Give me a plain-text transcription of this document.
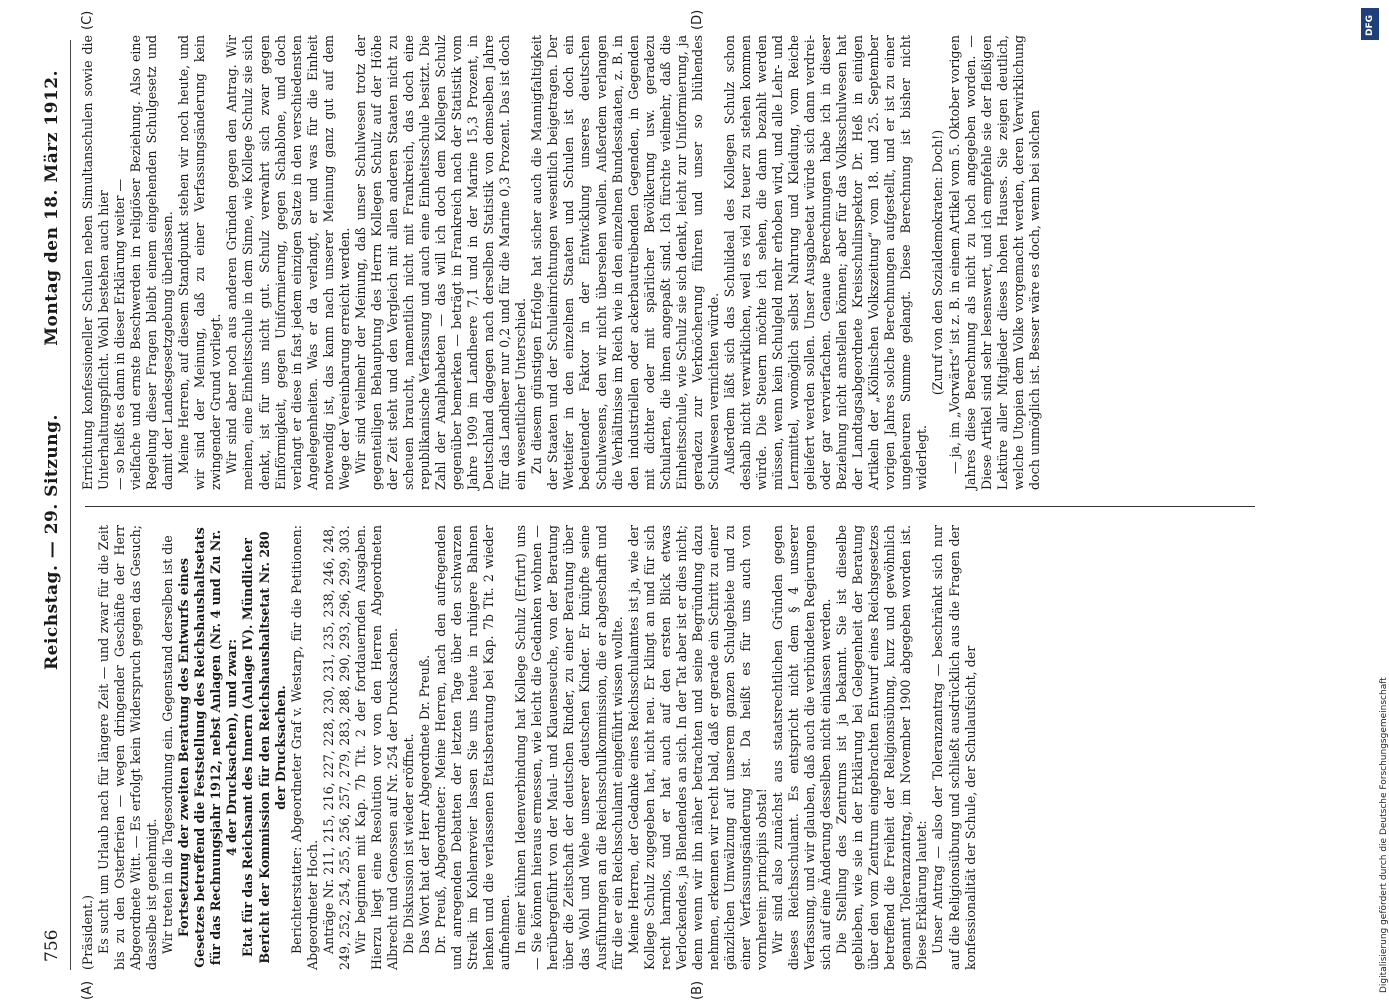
756
Reichstag. — 29. Sitzung.
Montag den 18. März 1912.
(A)	(B)
(C)	(D)

(Präsident.) Es sucht um Urlaub nach für längere Zeit — und zwar für die Zeit bis zu den Osterferien — wegen dringender Geschäfte der Herr Abgeordnete Witt. — Es erfolgt kein Widerspruch gegen das Gesuch; dasselbe ist genehmigt. Wir treten in die Tagesordnung ein. Gegenstand derselben ist die Fortsetzung der zweiten Beratung des Entwurfs eines Gesetzes betreffend die Feststellung des Reichshaushaltsetats für das Rechnungsjahr 1912, nebst Anlagen (Nr. 4 und Zu Nr. 4 der Drucksachen), und zwar: Etat für das Reichsamt des Innern (Anlage IV). Mündlicher Bericht der Kommission für den Reichshaushaltsetat Nr. 280 der Drucksachen. Berichterstatter: Abgeordneter Graf v. Westarp, für die Petitionen: Abgeordneter Hoch. Anträge Nr. 211, 215, 216, 227, 228, 230, 231, 235, 238, 246, 248, 249, 252, 254, 255, 256, 257, 279, 283, 288, 290, 293, 296, 299, 303. Wir beginnen mit Kap. 7b Tit. 2 der fortdauernden Ausgaben. Hierzu liegt eine Resolution vor von den Herren Abgeordneten Albrecht und Genossen auf Nr. 254 der Drucksachen. Die Diskussion ist wieder eröffnet. Das Wort hat der Herr Abgeordnete Dr. Preuß. Dr. Preuß, Abgeordneter: Meine Herren, nach den aufregenden und anregenden Debatten der letzten Tage über den schwarzen Streik im Kohlenrevier lassen Sie uns heute in ruhigere Bahnen lenken und die verlassenen Etatsberatung bei Kap. 7b Tit. 2 wieder aufnehmen. In einer kühnen Ideenverbindung hat Kollege Schulz (Erfurt) uns — Sie können hieraus ermessen, wie leicht die Gedanken wohnen — herübergeführt von der Maul- und Klauenseuche, von der Beratung über die Zeitschaft der deutschen Rinder, zu einer Beratung über das Wohl und Wehe unserer deutschen Kinder. Er knüpfte seine Ausführungen an die Reichsschulkommission, die er abgeschafft und für die er ein Reichsschulamt eingeführt wissen wollte. Meine Herren, der Gedanke eines Reichsschulamtes ist ja, wie der Kollege Schulz zugegeben hat, nicht neu. Er klingt an und für sich recht harmlos, und er hat auch auf den ersten Blick etwas Verlockendes, ja Blendendes an sich. In der Tat aber ist er dies nicht; denn wenn wir ihn näher betrachten und seine Begründung dazu nehmen, erkennen wir recht bald, daß er gerade ein Schritt zu einer gänzlichen Umwälzung auf unserem ganzen Schulgebiete und zu einer Verfassungsänderung ist. Da heißt es für uns auch von vornherein: principiis obsta! Wir sind also zunächst aus staatsrechtlichen Gründen gegen dieses Reichsschulamt. Es entspricht nicht dem § 4 unserer Verfassung, und wir glauben, daß auch die verbündeten Regierungen sich auf eine Änderung desselben nicht einlassen werden. Die Stellung des Zentrums ist ja bekannt. Sie ist dieselbe geblieben, wie sie in der Erklärung bei Gelegenheit der Beratung über den vom Zentrum eingebrachten Entwurf eines Reichsgesetzes betreffend die Freiheit der Religionsübung, kurz und gewöhnlich genannt Toleranzantrag, im November 1900 abgegeben worden ist. Diese Erklärung lautet: Unser Antrag — also der Toleranzantrag — beschränkt sich nur auf die Religionsübung und schließt ausdrücklich aus die Fragen der konfessionalität der Schule, der Schulaufsicht, der

Errichtung konfessioneller Schulen neben Simultanschulen sowie die Unterhaltungspflicht. Wohl bestehen auch hier — so heißt es dann in dieser Erklärung weiter — vielfache und ernste Beschwerden in religiöser Beziehung. Also eine Regelung dieser Fragen bleibt einem eingehenden Schulgesetz und damit der Landesgesetzgebung überlassen. Meine Herren, auf diesem Standpunkt stehen wir noch heute, und wir sind der Meinung, daß zu einer Verfassungsänderung kein zwingender Grund vorliegt. Wir sind aber noch aus anderen Gründen gegen den Antrag. Wir meinen, eine Einheitsschule in dem Sinne, wie Kollege Schulz sie sich denkt, ist für uns nicht gut. Schulz verwahrt sich zwar gegen Einförmigkeit, gegen Uniformierung, gegen Schablone, und doch verlangt er diese in fast jedem einzigen Satze in den verschiedensten Angelegenheiten. Was er da verlangt, er und was für die Einheit notwendig ist, das kann nach unserer Meinung ganz gut auf dem Wege der Vereinbarung erreicht werden. Wir sind vielmehr der Meinung, daß unser Schulwesen trotz der gegenteiligen Behauptung des Herrn Kollegen Schulz auf der Höhe der Zeit steht und den Vergleich mit allen anderen Staaten nicht zu scheuen braucht, namentlich nicht mit Frankreich, das doch eine republikanische Verfassung und auch eine Einheitsschule besitzt. Die Zahl der Analphabeten — das will ich doch dem Kollegen Schulz gegenüber bemerken — beträgt in Frankreich nach der Statistik vom Jahre 1909 im Landheere 7,1 und in der Marine 15,3 Prozent, in Deutschland dagegen nach derselben Statistik von demselben Jahre für das Landheer nur 0,2 und für die Marine 0,3 Prozent. Das ist doch ein wesentlicher Unterschied. Zu diesem günstigen Erfolge hat sicher auch die Mannigfaltigkeit der Staaten und der Schuleinrichtungen wesentlich beigetragen. Der Wetteifer in den einzelnen Staaten und Schulen ist doch ein bedeutender Faktor in der Entwicklung unseres deutschen Schulwesens, den wir nicht übersehen wollen. Außerdem verlangen die Verhältnisse im Reich wie in den einzelnen Bundesstaaten, z. B. in den industriellen oder ackerbautreibenden Gegenden, in Gegenden mit dichter oder mit spärlicher Bevölkerung usw. geradezu Schularten, die ihnen angepaßt sind. Ich fürchte vielmehr, daß die Einheitsschule, wie Schulz sie sich denkt, leicht zur Uniformierung, ja geradezu zur Verknöcherung führen und unser so blühendes Schulwesen vernichten würde. Außerdem läßt sich das Schulideal des Kollegen Schulz schon deshalb nicht verwirklichen, weil es viel zu teuer zu stehen kommen würde. Die Steuern möchte ich sehen, die dann bezahlt werden müssen, wenn kein Schulgeld mehr erhoben wird, und alle Lehr- und Lernmittel, womöglich selbst Nahrung und Kleidung, vom Reiche geliefert werden sollen. Unser Ausgabeetat würde sich dann verdrei- oder gar vervierfachen. Genaue Berechnungen habe ich in dieser Beziehung nicht anstellen können; aber für das Volksschulwesen hat der Landtagsabgeordnete Kreisschulinspektor Dr. Heß in einigen Artikeln der „Kölnischen Volkszeitung“ vom 18. und 25. September vorigen Jahres solche Berechnungen aufgestellt, und er ist zu einer ungeheuren Summe gelangt. Diese Berechnung ist bisher nicht widerlegt.

(Zuruf von den Sozialdemokraten: Doch!) — ja, im „Vorwärts“ ist z. B. in einem Artikel vom 5. Oktober vorigen Jahres diese Berechnung als nicht zu hoch angegeben worden. — Diese Artikel sind sehr lesenswert, und ich empfehle sie der fleißigen Lektüre aller Mitglieder dieses hohen Hauses. Sie zeigen deutlich, welche Utopien dem Volke vorgemacht werden, deren Verwirklichung doch unmöglich ist. Besser wäre es doch, wenn bei solchen

DFG
Digitalisierung gefördert durch die Deutsche Forschungsgemeinschaft
